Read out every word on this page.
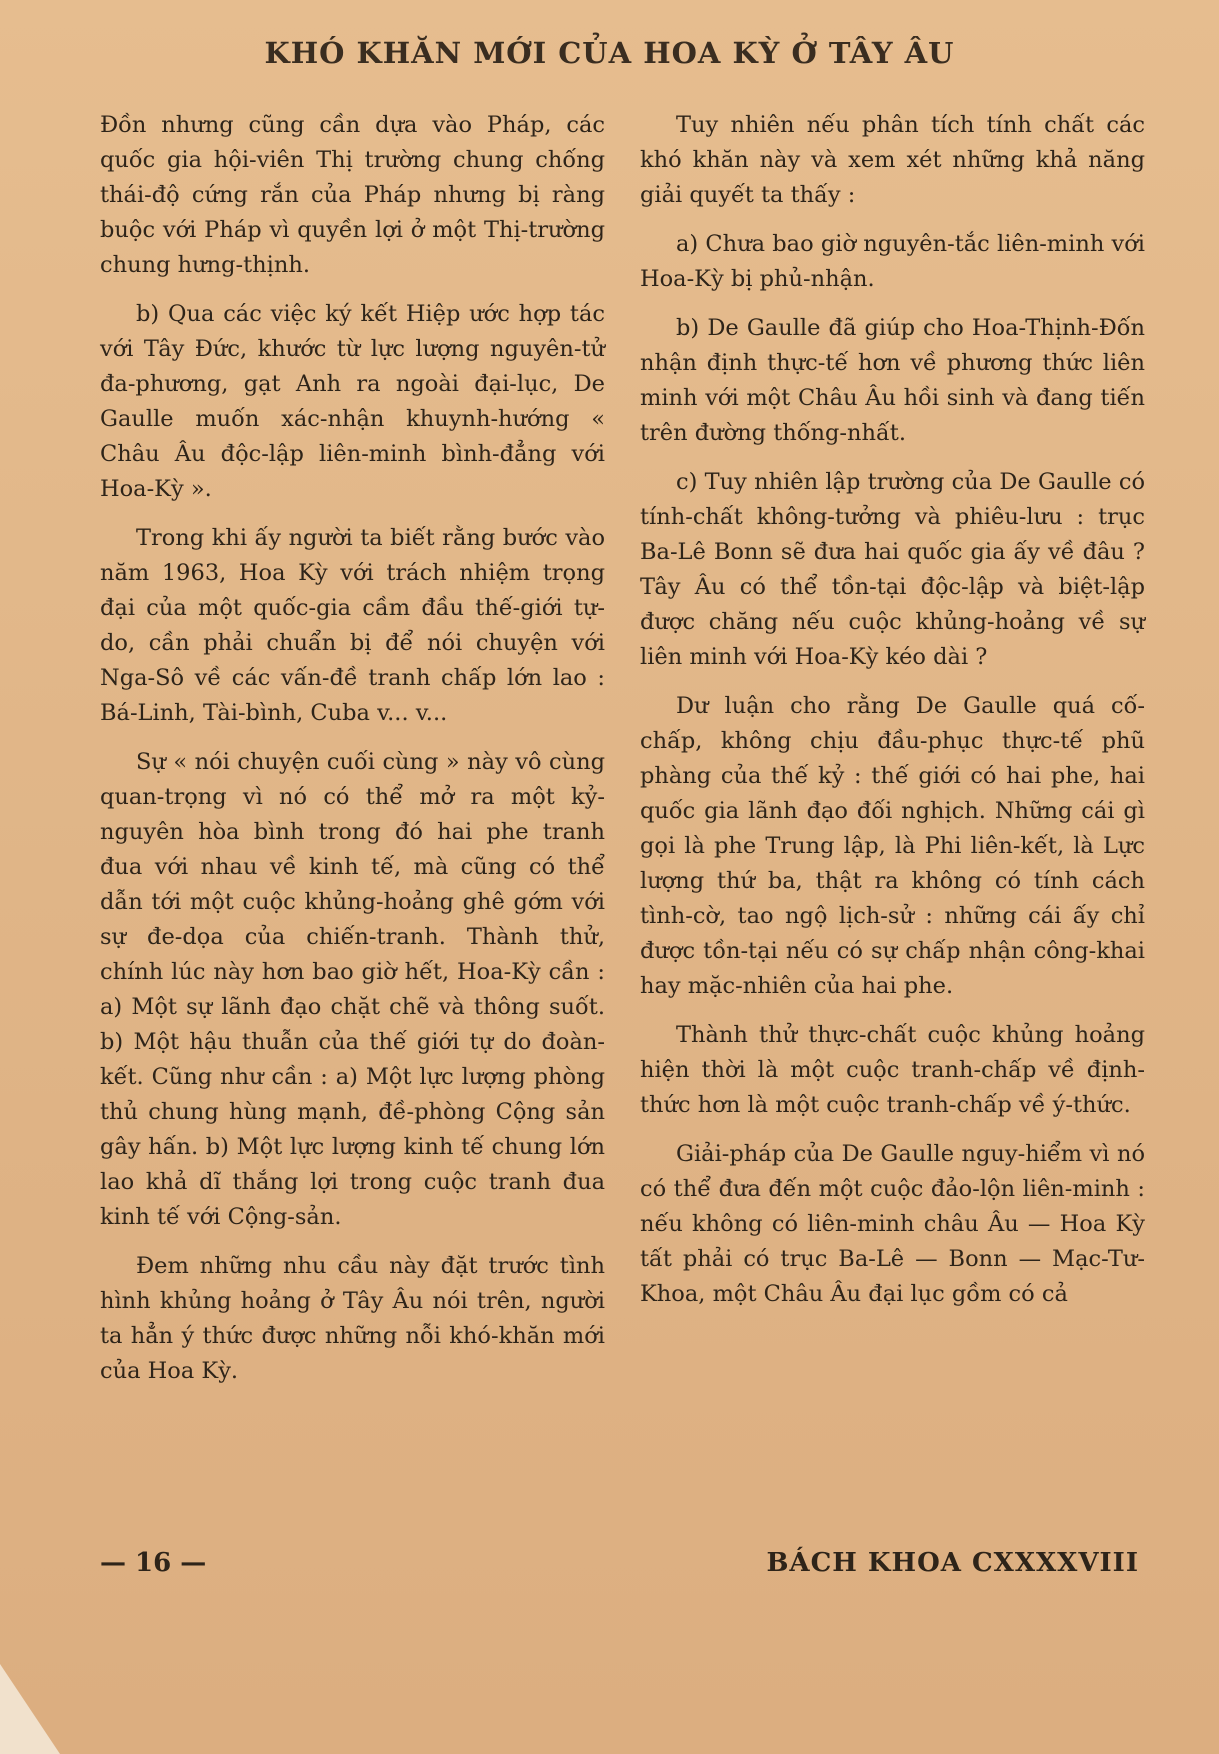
KHÓ KHĂN MỚI CỦA HOA KỲ Ở TÂY ÂU

Đồn nhưng cũng cần dựa vào Pháp, các quốc gia hội-viên Thị trường chung chống thái-độ cứng rắn của Pháp nhưng bị ràng buộc với Pháp vì quyền lợi ở một Thị-trường chung hưng-thịnh.

b) Qua các việc ký kết Hiệp ước hợp tác với Tây Đức, khước từ lực lượng nguyên-tử đa-phương, gạt Anh ra ngoài đại-lục, De Gaulle muốn xác-nhận khuynh-hướng « Châu Âu độc-lập liên-minh bình-đẳng với Hoa-Kỳ ».

Trong khi ấy người ta biết rằng bước vào năm 1963, Hoa Kỳ với trách nhiệm trọng đại của một quốc-gia cầm đầu thế-giới tự-do, cần phải chuẩn bị để nói chuyện với Nga-Sô về các vấn-đề tranh chấp lớn lao : Bá-Linh, Tài-bình, Cuba v... v...

Sự « nói chuyện cuối cùng » này vô cùng quan-trọng vì nó có thể mở ra một kỷ-nguyên hòa bình trong đó hai phe tranh đua với nhau về kinh tế, mà cũng có thể dẫn tới một cuộc khủng-hoảng ghê gớm với sự đe-dọa của chiến-tranh. Thành thử, chính lúc này hơn bao giờ hết, Hoa-Kỳ cần : a) Một sự lãnh đạo chặt chẽ và thông suốt. b) Một hậu thuẫn của thế giới tự do đoàn-kết. Cũng như cần : a) Một lực lượng phòng thủ chung hùng mạnh, đề-phòng Cộng sản gây hấn. b) Một lực lượng kinh tế chung lớn lao khả dĩ thắng lợi trong cuộc tranh đua kinh tế với Cộng-sản.

Đem những nhu cầu này đặt trước tình hình khủng hoảng ở Tây Âu nói trên, người ta hẳn ý thức được những nỗi khó-khăn mới của Hoa Kỳ.

Tuy nhiên nếu phân tích tính chất các khó khăn này và xem xét những khả năng giải quyết ta thấy :

a) Chưa bao giờ nguyên-tắc liên-minh với Hoa-Kỳ bị phủ-nhận.

b) De Gaulle đã giúp cho Hoa-Thịnh-Đốn nhận định thực-tế hơn về phương thức liên minh với một Châu Âu hồi sinh và đang tiến trên đường thống-nhất.

c) Tuy nhiên lập trường của De Gaulle có tính-chất không-tưởng và phiêu-lưu : trục Ba-Lê Bonn sẽ đưa hai quốc gia ấy về đâu ? Tây Âu có thể tồn-tại độc-lập và biệt-lập được chăng nếu cuộc khủng-hoảng về sự liên minh với Hoa-Kỳ kéo dài ?

Dư luận cho rằng De Gaulle quá cố-chấp, không chịu đầu-phục thực-tế phũ phàng của thế kỷ : thế giới có hai phe, hai quốc gia lãnh đạo đối nghịch. Những cái gì gọi là phe Trung lập, là Phi liên-kết, là Lực lượng thứ ba, thật ra không có tính cách tình-cờ, tao ngộ lịch-sử : những cái ấy chỉ được tồn-tại nếu có sự chấp nhận công-khai hay mặc-nhiên của hai phe.

Thành thử thực-chất cuộc khủng hoảng hiện thời là một cuộc tranh-chấp về định-thức hơn là một cuộc tranh-chấp về ý-thức.

Giải-pháp của De Gaulle nguy-hiểm vì nó có thể đưa đến một cuộc đảo-lộn liên-minh : nếu không có liên-minh châu Âu — Hoa Kỳ tất phải có trục Ba-Lê — Bonn — Mạc-Tư-Khoa, một Châu Âu đại lục gồm có cả

— 16 —	BÁCH KHOA CXXXXVIII
